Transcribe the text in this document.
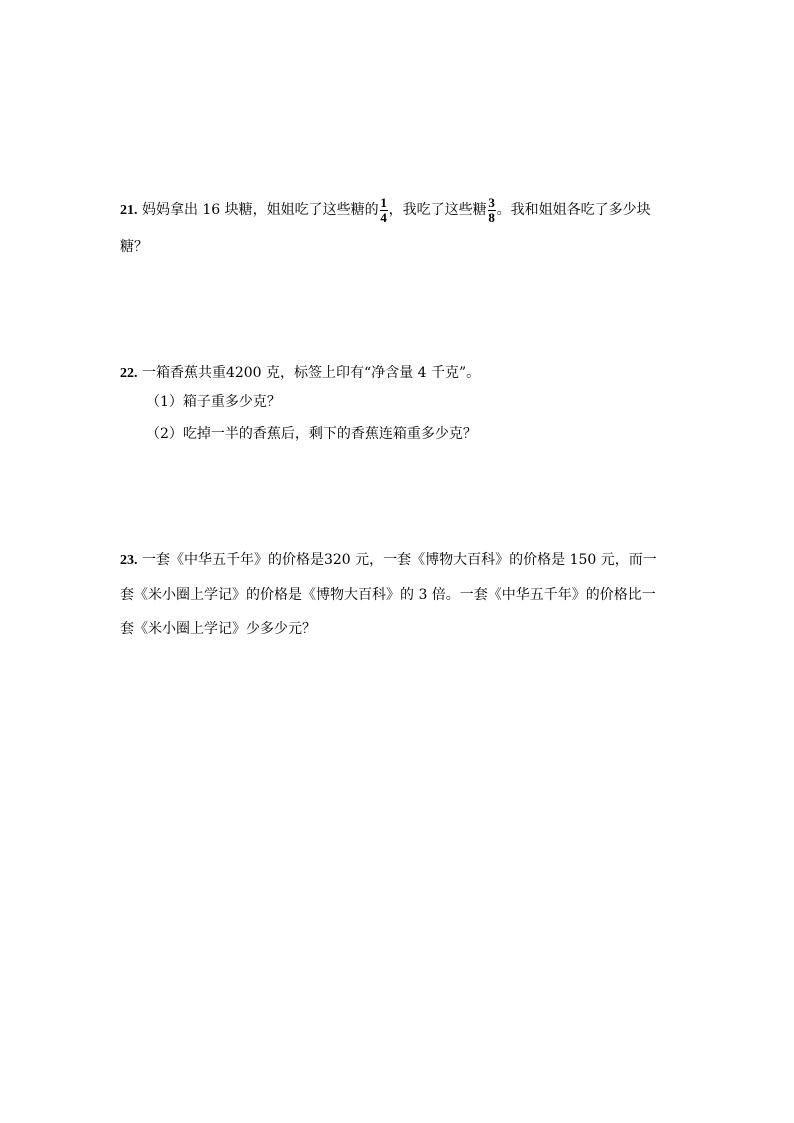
21. 妈妈拿出 16 块糖，姐姐吃了这些糖的 $\frac{1}{4}$ ，我吃了这些糖 $\frac{3}{8}$ 。我和姐姐各吃了多少块
糖？
22. 一箱香蕉共重4200 克，标签上印有“净含量 4 千克”。
（1）箱子重多少克？
（2）吃掉一半的香蕉后，剩下的香蕉连箱重多少克？
23. 一套《中华五千年》的价格是320 元，一套《博物大百科》的价格是 150 元，而一
套《米小圈上学记》的价格是《博物大百科》的 3 倍。一套《中华五千年》的价格比一
套《米小圈上学记》少多少元？
